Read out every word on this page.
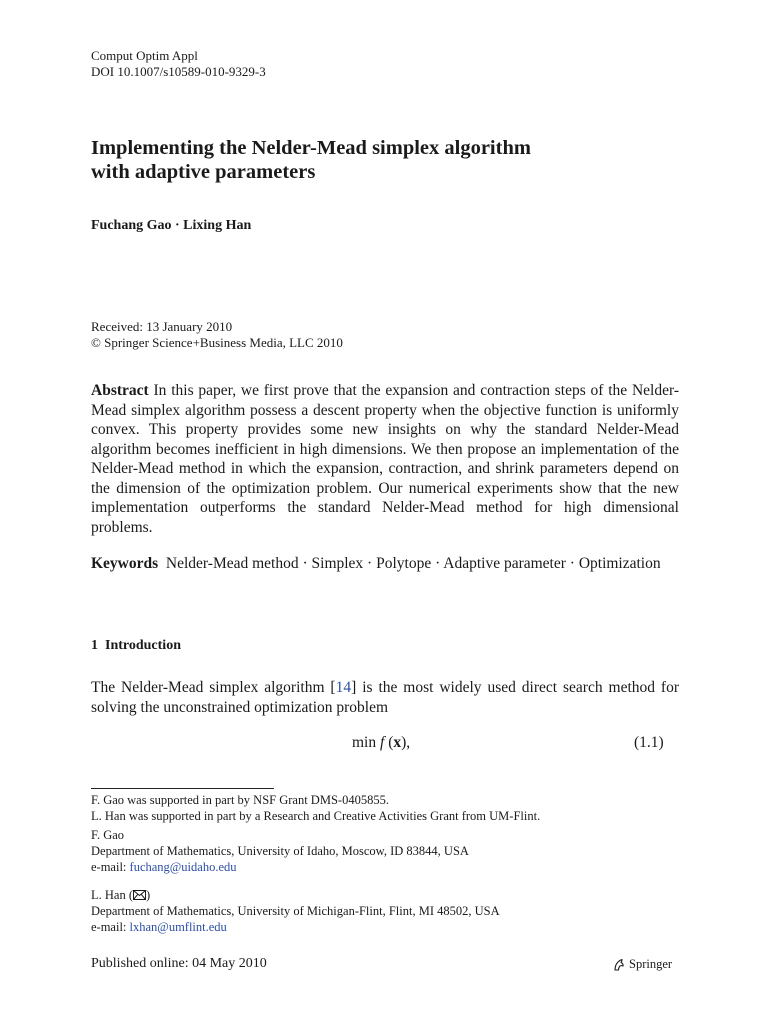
Comput Optim Appl
DOI 10.1007/s10589-010-9329-3
Implementing the Nelder-Mead simplex algorithm
with adaptive parameters
Fuchang Gao · Lixing Han
Received: 13 January 2010
© Springer Science+Business Media, LLC 2010
Abstract In this paper, we first prove that the expansion and contraction steps of the Nelder-Mead simplex algorithm possess a descent property when the objective function is uniformly convex. This property provides some new insights on why the standard Nelder-Mead algorithm becomes inefficient in high dimensions. We then propose an implementation of the Nelder-Mead method in which the expansion, contraction, and shrink parameters depend on the dimension of the optimization problem. Our numerical experiments show that the new implementation outperforms the standard Nelder-Mead method for high dimensional problems.
Keywords Nelder-Mead method · Simplex · Polytope · Adaptive parameter · Optimization
1  Introduction
The Nelder-Mead simplex algorithm [14] is the most widely used direct search method for solving the unconstrained optimization problem
min f (x),	(1.1)
F. Gao was supported in part by NSF Grant DMS-0405855.
L. Han was supported in part by a Research and Creative Activities Grant from UM-Flint.
F. Gao
Department of Mathematics, University of Idaho, Moscow, ID 83844, USA
e-mail: fuchang@uidaho.edu
L. Han ( )
Department of Mathematics, University of Michigan-Flint, Flint, MI 48502, USA
e-mail: lxhan@umflint.edu
Published online: 04 May 2010	Springer
